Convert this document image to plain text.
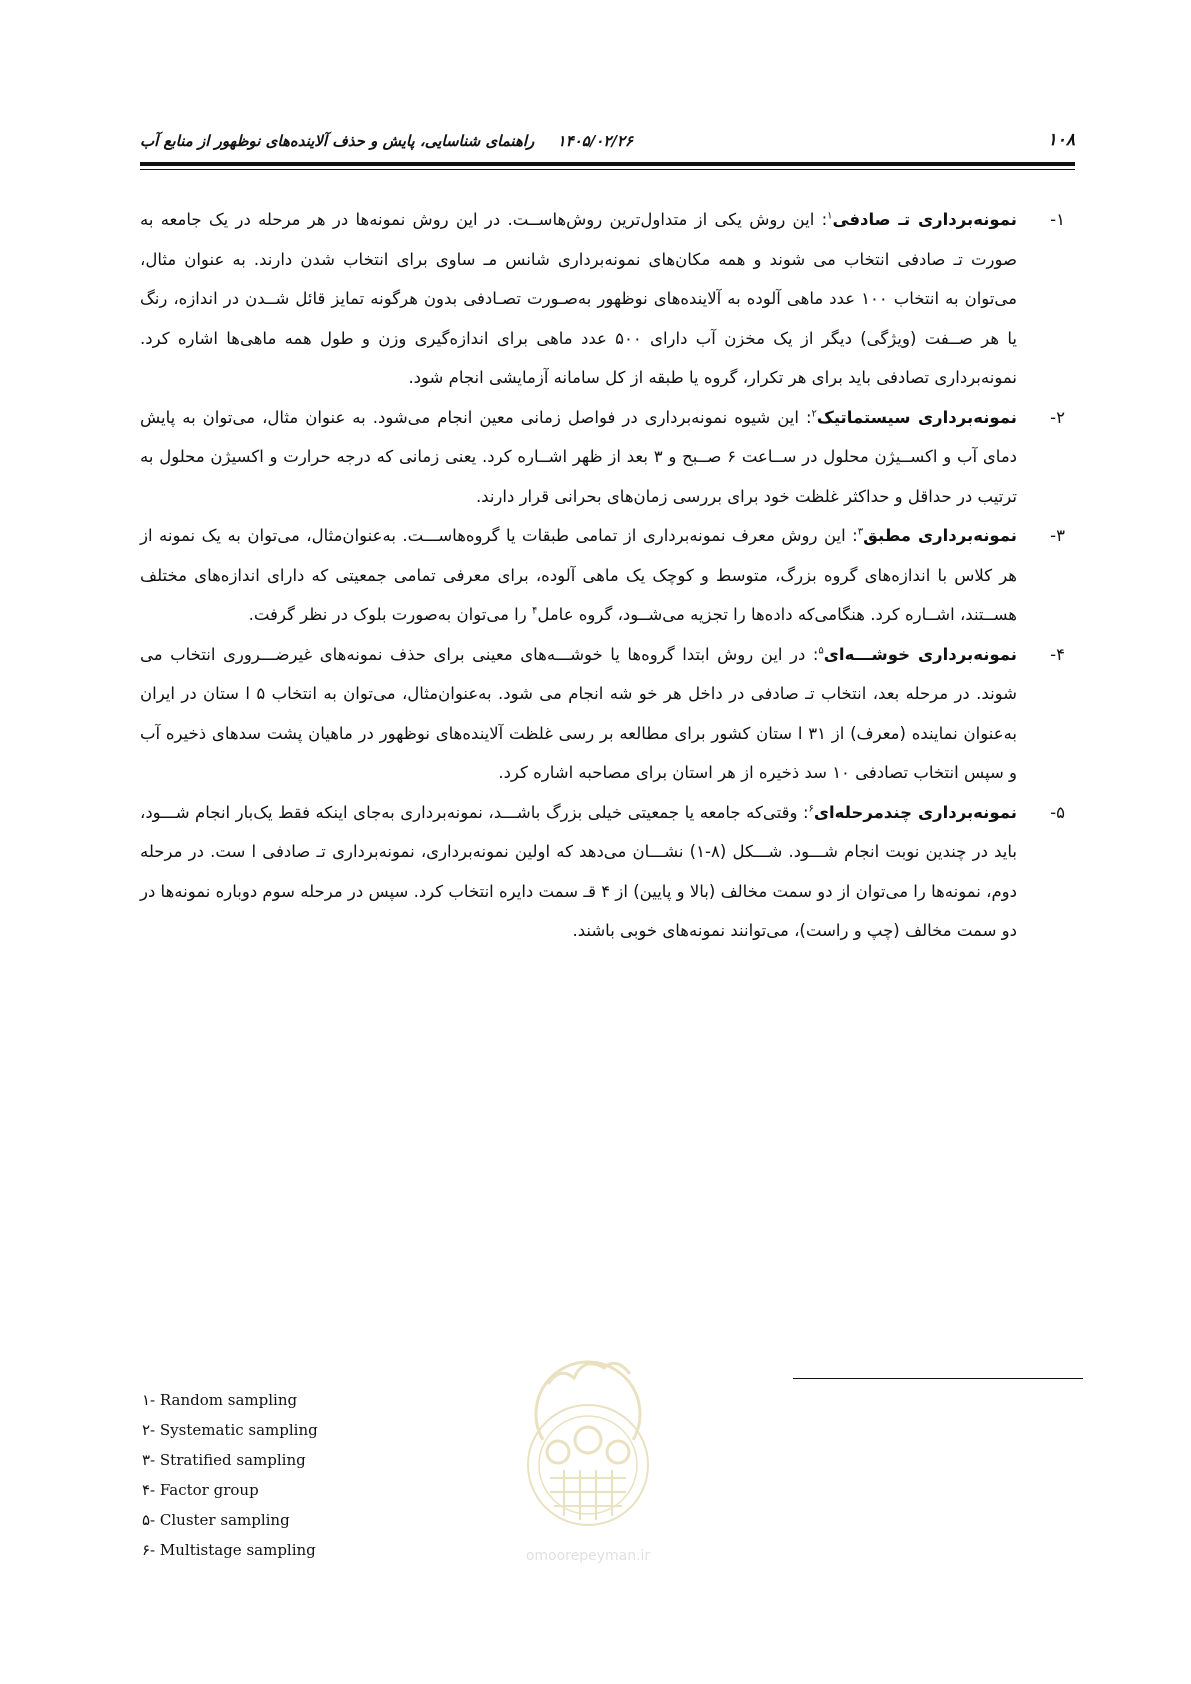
۱۰۸
۱۴۰۵/۰۲/۲۶ راهنمای شناسایی، پایش و حذف آلاینده‌های نوظهور از منابع آب
۱-
نمونه‌برداری تـ صادفی$^۱$: این روش یکی از متداول‌ترین روش‌هاســت. در این روش نمونه‌ها در هر مرحله در یک جامعه به صورت تـ صادفی انتخاب می شوند و همه مکان‌های نمونه‌برداری شانس مـ ساوی برای انتخاب شدن دارند. به عنوان مثال، می‌توان به انتخاب ۱۰۰ عدد ماهی آلوده به آلاینده‌های نوظهور به‌صـورت تصـادفی بدون هرگونه تمایز قائل شــدن در اندازه، رنگ یا هر صــفت (ویژگی) دیگر از یک مخزن آب دارای ۵۰۰ عدد ماهی برای اندازه‌گیری وزن و طول همه ماهی‌ها اشاره کرد. نمونه‌برداری تصادفی باید برای هر تکرار، گروه یا طبقه از کل سامانه آزمایشی انجام شود.
۲-
نمونه‌برداری سیستماتیک$^۲$: این شیوه نمونه‌برداری در فواصل زمانی معین انجام می‌شود. به عنوان مثال، می‌توان به پایش دمای آب و اکســیژن محلول در ســاعت ۶ صــبح و ۳ بعد از ظهر اشــاره کرد. یعنی زمانی که درجه حرارت و اکسیژن محلول به ترتیب در حداقل و حداکثر غلظت خود برای بررسی زمان‌های بحرانی قرار دارند.
۳-
نمونه‌برداری مطبق$^۳$: این روش معرف نمونه‌برداری از تمامی طبقات یا گروه‌هاســـت. به‌عنوان‌مثال، می‌توان به یک نمونه از هر کلاس با اندازه‌های گروه بزرگ، متوسط و کوچک یک ماهی آلوده، برای معرفی تمامی جمعیتی که دارای اندازه‌های مختلف هســتند، اشــاره کرد. هنگامی‌که داده‌ها را تجزیه می‌شــود، گروه عامل$^۴$ را می‌توان به‌صورت بلوک در نظر گرفت.
۴-
نمونه‌برداری خوشـــه‌ای$^۵$: در این روش ابتدا گروه‌ها یا خوشـــه‌های معینی برای حذف نمونه‌های غیرضـــروری انتخاب می شوند. در مرحله بعد، انتخاب تـ صادفی در داخل هر خو شه انجام می شود. به‌عنوان‌مثال، می‌توان به انتخاب ۵ ا ستان در ایران به‌عنوان نماینده (معرف) از ۳۱ ا ستان کشور برای مطالعه بر رسی غلظت آلاینده‌های نوظهور در ماهیان پشت سدهای ذخیره آب و سپس انتخاب تصادفی ۱۰ سد ذخیره از هر استان برای مصاحبه اشاره کرد.
۵-
نمونه‌برداری چندمرحله‌ای$^۶$: وقتی‌که جامعه یا جمعیتی خیلی بزرگ باشـــد، نمونه‌برداری به‌جای اینکه فقط یک‌بار انجام شـــود، باید در چندین نوبت انجام شـــود. شـــکل (۸-۱) نشـــان می‌دهد که اولین نمونه‌برداری، نمونه‌برداری تـ صادفی ا ست. در مرحله دوم، نمونه‌ها را می‌توان از دو سمت مخالف (بالا و پایین) از ۴ قـ سمت دایره انتخاب کرد. سپس در مرحله سوم دوباره نمونه‌ها در دو سمت مخالف (چپ و راست)، می‌توانند نمونه‌های خوبی باشند.
omoorepeyman.ir
۱- Random sampling
۲- Systematic sampling
۳- Stratified sampling
۴- Factor group
۵- Cluster sampling
۶- Multistage sampling
